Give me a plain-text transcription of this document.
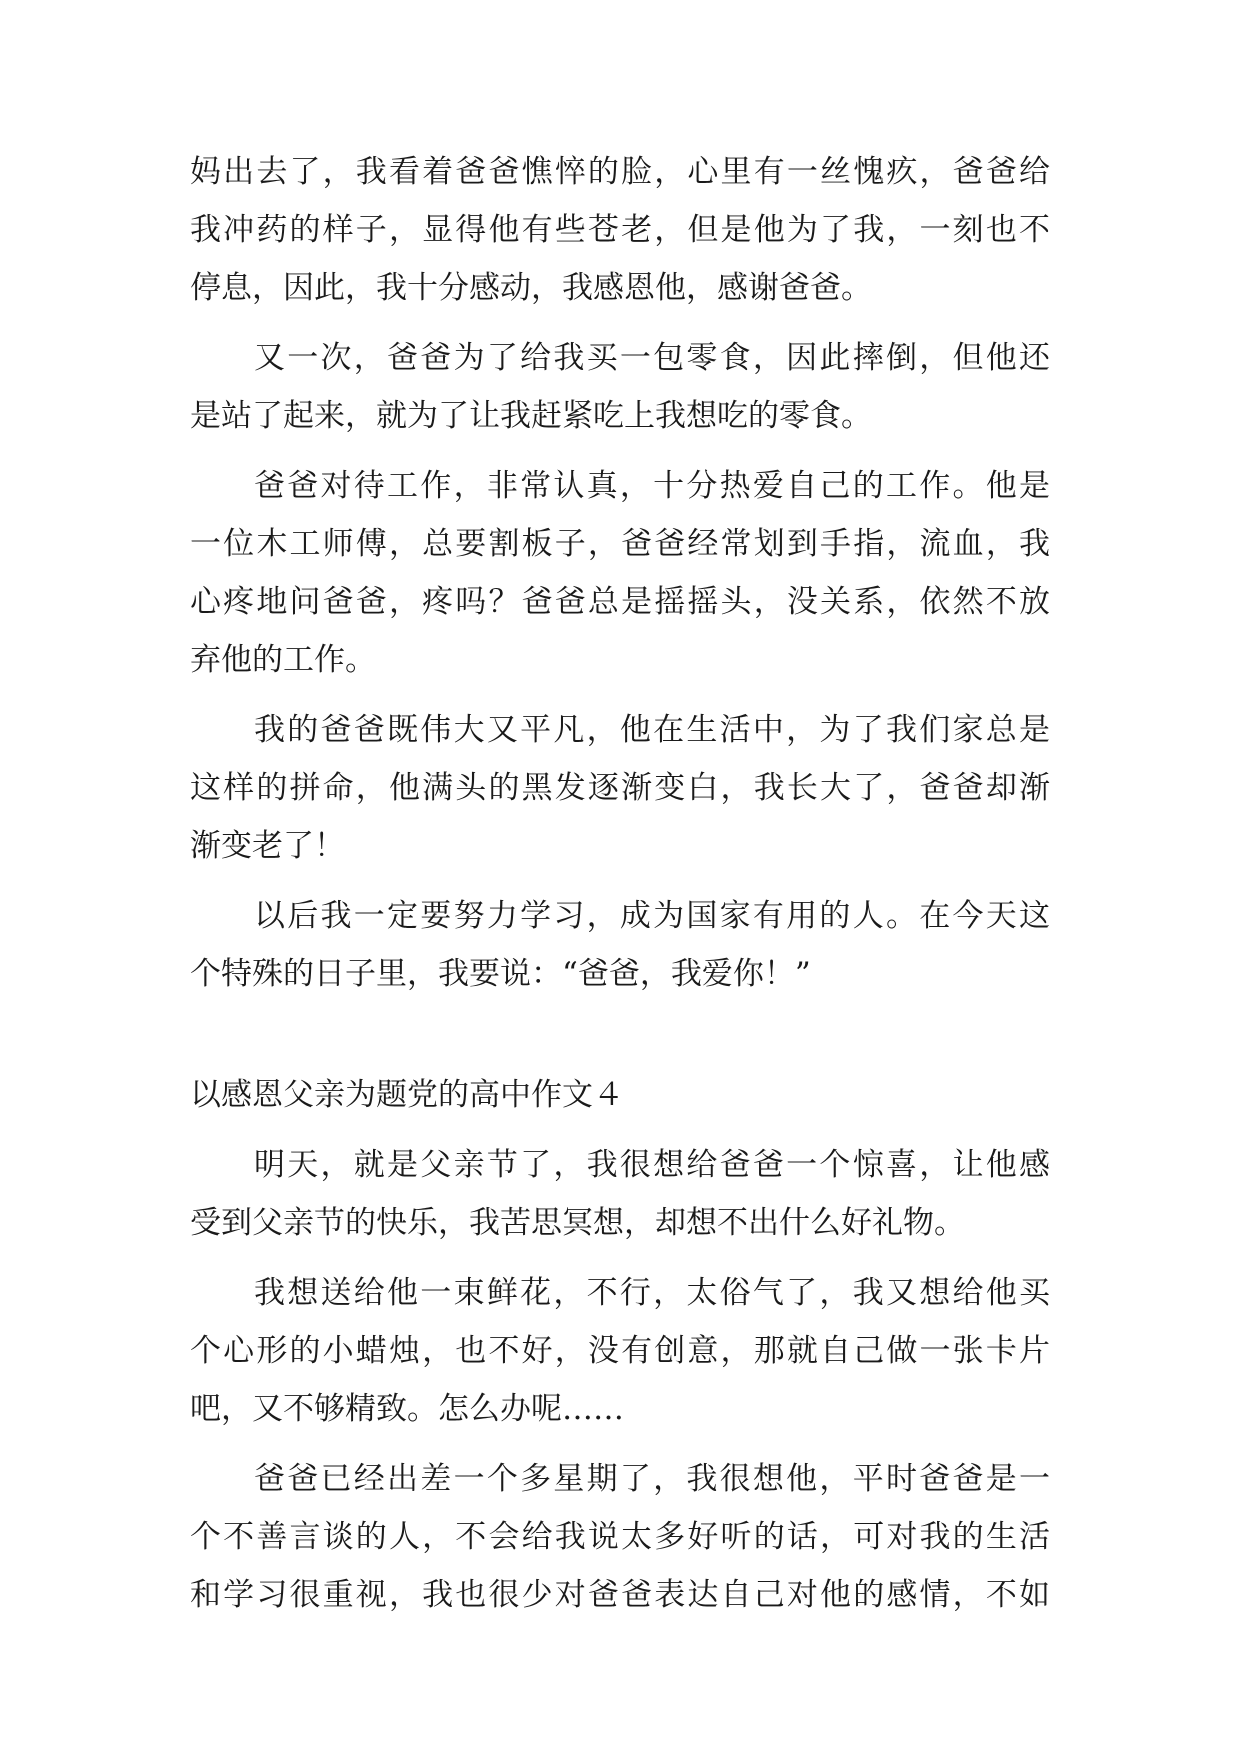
妈出去了，我看着爸爸憔悴的脸，心里有一丝愧疚，爸爸给
我冲药的样子，显得他有些苍老，但是他为了我，一刻也不
停息，因此，我十分感动，我感恩他，感谢爸爸。
又一次，爸爸为了给我买一包零食，因此摔倒，但他还
是站了起来，就为了让我赶紧吃上我想吃的零食。
爸爸对待工作，非常认真，十分热爱自己的工作。他是
一位木工师傅，总要割板子，爸爸经常划到手指，流血，我
心疼地问爸爸，疼吗？爸爸总是摇摇头，没关系，依然不放
弃他的工作。
我的爸爸既伟大又平凡，他在生活中，为了我们家总是
这样的拼命，他满头的黑发逐渐变白，我长大了，爸爸却渐
渐变老了！
以后我一定要努力学习，成为国家有用的人。在今天这
个特殊的日子里，我要说：“爸爸，我爱你！”
以感恩父亲为题党的高中作文４
明天，就是父亲节了，我很想给爸爸一个惊喜，让他感
受到父亲节的快乐，我苦思冥想，却想不出什么好礼物。
我想送给他一束鲜花，不行，太俗气了，我又想给他买
个心形的小蜡烛，也不好，没有创意，那就自己做一张卡片
吧，又不够精致。怎么办呢……
爸爸已经出差一个多星期了，我很想他，平时爸爸是一
个不善言谈的人，不会给我说太多好听的话，可对我的生活
和学习很重视，我也很少对爸爸表达自己对他的感情，不如
